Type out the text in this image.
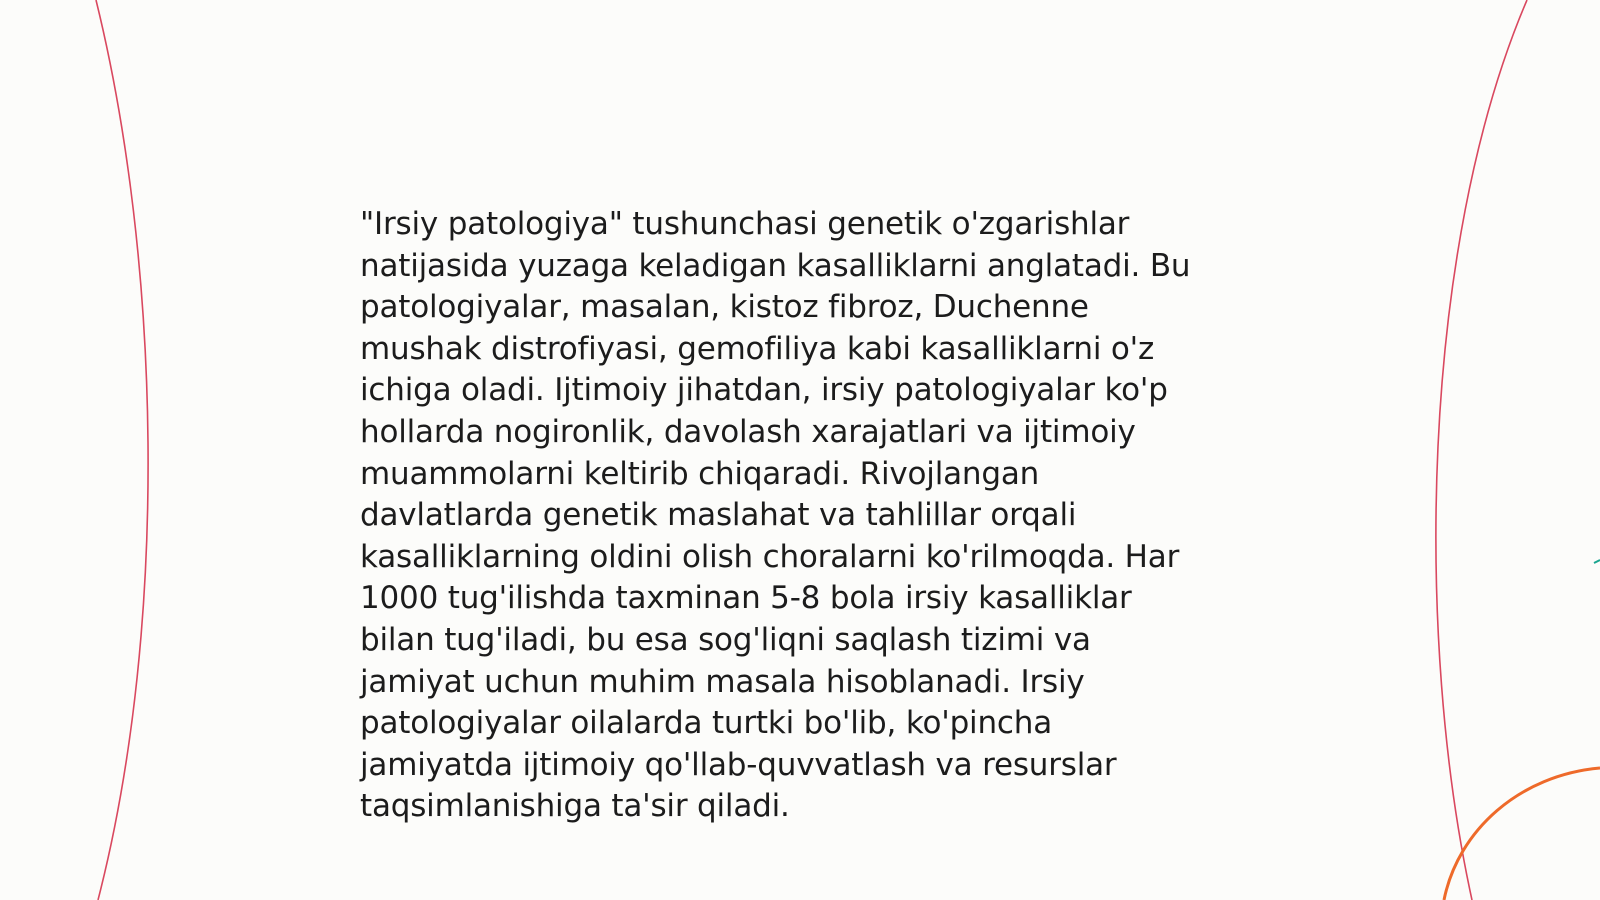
"Irsiy patologiya" tushunchasi genetik o'zgarishlar
natijasida yuzaga keladigan kasalliklarni anglatadi. Bu
patologiyalar, masalan, kistoz fibroz, Duchenne
mushak distrofiyasi, gemofiliya kabi kasalliklarni o'z
ichiga oladi. Ijtimoiy jihatdan, irsiy patologiyalar ko'p
hollarda nogironlik, davolash xarajatlari va ijtimoiy
muammolarni keltirib chiqaradi. Rivojlangan
davlatlarda genetik maslahat va tahlillar orqali
kasalliklarning oldini olish choralarni ko'rilmoqda. Har
1000 tug'ilishda taxminan 5-8 bola irsiy kasalliklar
bilan tug'iladi, bu esa sog'liqni saqlash tizimi va
jamiyat uchun muhim masala hisoblanadi. Irsiy
patologiyalar oilalarda turtki bo'lib, ko'pincha
jamiyatda ijtimoiy qo'llab-quvvatlash va resurslar
taqsimlanishiga ta'sir qiladi.
